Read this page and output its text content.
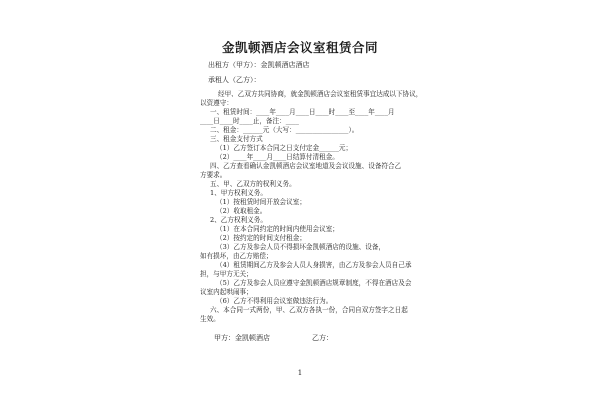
金凯顿酒店会议室租赁合同
出租方（甲方）：金凯顿酒店酒店
承租人（乙方）：
经甲、乙双方共同协商，就金凯顿酒店会议室租赁事宜达成以下协议，
以资遵守：
一、租赁时间：____年____月____日____时____至____年____月
____日____时____止，备注：____
二、租金：______元（大写：________________）。
三、租金支付方式
（1）乙方签订本合同之日支付定金______元；
（2）____年____月____日结算付清租金。
四、乙方查看确认金凯顿酒店会议室地道及会议设施、设备符合乙
方要求。
五、甲、乙双方的权利义务。
1、甲方权利义务。
（1）按租赁时间开放会议室；
（2）收取租金。
2、乙方权利义务。
（1）在本合同约定的时间内使用会议室；
（2）按约定的时间支付租金；
（3）乙方及参会人员不得损坏金凯顿酒店的设施、设备，
如有损坏，由乙方赔偿；
（4）租赁期间乙方及参会人员人身损害，由乙方及参会人员自己承
担，与甲方无关；
（5）乙方及参会人员应遵守金凯顿酒店规章制度，不得在酒店及会
议室内起哄闹事；
（6）乙方不得利用会议室做违法行为。
六、本合同一式两份，甲、乙双方各执一份，合同自双方签字之日起
生效。
甲方：金凯顿酒店	乙方：
1
